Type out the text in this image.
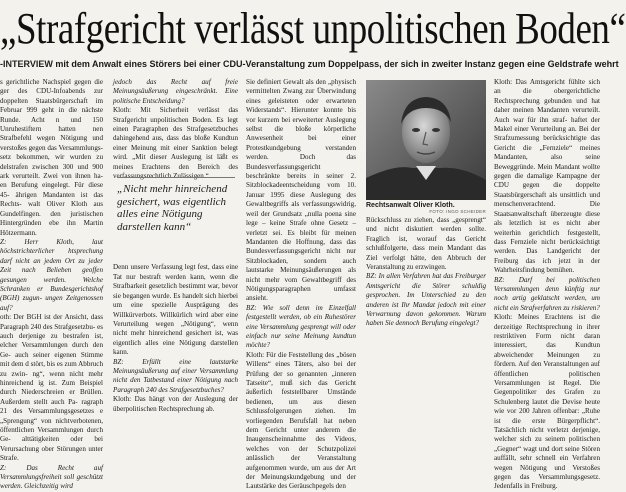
„Strafgericht verlässt unpolitischen Boden“
-INTERVIEW mit dem Anwalt eines Störers bei einer CDU-Veranstaltung zum Doppelpass, der sich in zweiter Instanz gegen eine Geldstrafe wehrt

s gerichtliche Nachspiel gegen die ger des CDU-Infoabends zur doppelten Staatsbürgerschaft im Februar 999 geht in die nächste Runde. Acht n und 150 Unruhestiftern hatten nen Strafbefehl wegen Nötigung und verstoßes gegen das Versammlungs- setz bekommen, wir wurden zu delstrafen zwischen 300 und 900 ark verurteilt. Zwei von ihnen ha- en Berufung eingelegt. Für diese 45- ährigen Mandanten ist das Rechts- walt Oliver Kloth aus Gundelfingen. den juristischen Hintergründen ebe ihn Martin Hötzermann.

Z: Herr Kloth, laut höchstrichterlicher htsprechung darf nicht an jedem Ort zu jeder Zeit nach Belieben geoffen gesungen werden. Welche Schranken er Bundesgerichtshof (BGH) zugun- ungen Zeitgenossen auf?

oth: Der BGH ist der Ansicht, dass Paragraph 240 des Strafgesetzbu- es auch derjenige zu bestrafen ist, elcher Versammlungen durch den Ge- auch seiner eigenen Stimme mit dem d stört, bis es zum Abbruch zu zwin- ng“, wenn nicht mehr hinreichend ig ist. Zum Beispiel durch Niederschreien er Brüllen. Außerdem stellt auch Pa- ragraph 21 des Versammlungsgesetzes e „Sprengung“ von nichtverbotenen, öffentlichen Versammlungen durch Ge- alttätigkeiten oder bei Verursachung ober Störungen unter Strafe.

Z: Das Recht auf Versammlungsfreiheit soll geschützt werden. Gleichzeitig wird

jedoch das Recht auf freie Meinungsäußerung eingeschränkt. Eine politische Entscheidung?

Kloth: Mit Sicherheit verlässt das Strafgericht unpolitischen Boden. Es legt einen Paragraphen des Strafgesetzbuches dahingehend aus, dass das bloße Kundtun einer Meinung mit einer Sanktion belegt wird. „Mit dieser Auslegung ist läßt es meines Erachtens den Bereich des verfassungsrechtlich Zulässigen.“

Denn unsere Verfassung legt fest, dass eine Tat nur bestraft werden kann, wenn die Strafbarkeit gesetzlich bestimmt war, bevor sie begangen wurde. Es handelt sich hierbei um eine spezielle Ausprägung des Willkürverbots. Willkürlich wird aber eine Verurteilung wegen „Nötigung“, wenn nicht mehr hinreichend gesichert ist, was eigentlich alles eine Nötigung darstellen kann.

BZ: Erfüllt eine lautstarke Meinungsäußerung auf einer Versammlung nicht den Tatbestand einer Nötigung nach Paragraph 240 des Strafgesetzbuches?

Kloth: Das hängt von der Auslegung der überpolitischen Rechtsprechung ab.

Sie definiert Gewalt als den „physisch vermittelten Zwang zur Überwindung eines geleisteten oder erwarteten Widerstands“. Hierunter konnte bis vor kurzem bei erweiterter Auslegung selbst die bloße körperliche Anwesenheit bei einer Protestkundgebung verstanden werden. Doch das Bundesverfassungsgericht beschränkte bereits in seiner 2. Sitzblockadeentscheidung vom 10. Januar 1995 diese Auslegung des Gewaltbegriffs als verfassungswidrig, weil der Grundsatz „nulla poena sine lege – keine Strafe ohne Gesetz – verletzt sei. Es bleibt für meinen Mandanten die Hoffnung, dass das Bundesverfassungsgericht nicht nur Sitzblockaden, sondern auch lautstarke Meinungsäußerungen als nicht mehr vom Gewaltbegriff des Nötigungsparagraphen umfasst ansieht.

BZ: Wie soll denn im Einzelfall festgestellt werden, ob ein Ruhestörer eine Versammlung gesprengt will oder einfach nur seine Meinung kundtun möchte?

Kloth: Für die Feststellung des „bösen Willens“ eines Täters, also bei der Prüfung der so genannten „inneren Tatseite“, muß sich das Gericht äußerlich feststellbarer Umstände bedienen, um aus diesen Schlussfolgerungen ziehen. Im vorliegenden Berufsfall hat neben dem Gericht unter anderem die Inaugenscheinnahme des Videos, welches von der Schutzpolizei anlässlich der Veranstaltung aufgenommen wurde, um aus der Art der Meinungskundgebung und der Lautstärke des Geräuschpegels den

„Nicht mehr hinreichend gesichert, was eigentlich alles eine Nötigung darstellen kann“
Rechtsanwalt Oliver Kloth.
FOTO: INGO SCHEIDER

Rückschluss zu ziehen, dass „gesprengt“ und nicht diskutiert werden sollte. Fraglich ist, worauf das Gericht schlußfolgerte, dass mein Mandant das Ziel verfolgt hätte, den Abbruch der Veranstaltung zu erzwingen.

BZ: In allen Verfahren hat das Freiburger Amtsgericht die Störer schuldig gesprochen. Im Unterschied zu den anderen ist Ihr Mandat jedoch mit einer Verwarnung davon gekommen. Warum haben Sie dennoch Berufung eingelegt?

Kloth: Das Amtsgericht fühlte sich an die obergerichtliche Rechtsprechung gebunden und hat daher meinen Mandanten verurteilt. Auch war für ihn straf- haftet der Makel einer Verurteilung an. Bei der Strafzumessung berücksichtigte das Gericht die „Fernziele“ meines Mandanten, also seine Beweggründe. Mein Mandant wollte gegen die damalige Kampagne der CDU gegen die doppelte Staatsbürgerschaft als unsittlich und menschenverachtend. Die Staatsanwaltschaft überzeugte diese als letztlich ist es nicht aber weiterhin gerichtlich festgestellt, dass Fernziele nicht berücksichtigt werden. Das Landgericht der Freiburg das ich jetzt in der Wahrheitsfindung bemühen.

BZ: Darf bei politischen Versammlungen denn künftig nur noch artig geklatscht werden, um nicht ein Strafverfahren zu riskieren?

Kloth: Meines Erachtens ist die derzeitige Rechtsprechung in ihrer restriktiven Form nicht daran interessiert, das Kundtun abweichender Meinungen zu fördern. Auf den Veranstaltungen auf öffentlichen politischen Versammlungen ist Regel. Die Gegenpolitiker des Grafen zu Schulenberg lautet die Devise heute wie vor 200 Jahren offenbar: „Ruhe ist die erste Bürgerpflicht“. Tatsächlich nicht verletzt derjenige, welcher sich zu seinem politischen „Gegner“ wagt und dort seine Stören auffällt, sehr schnell ein Verfahren wegen Nötigung und Verstoßes gegen das Versammlungsgesetz. Jedenfalls in Freiburg.
